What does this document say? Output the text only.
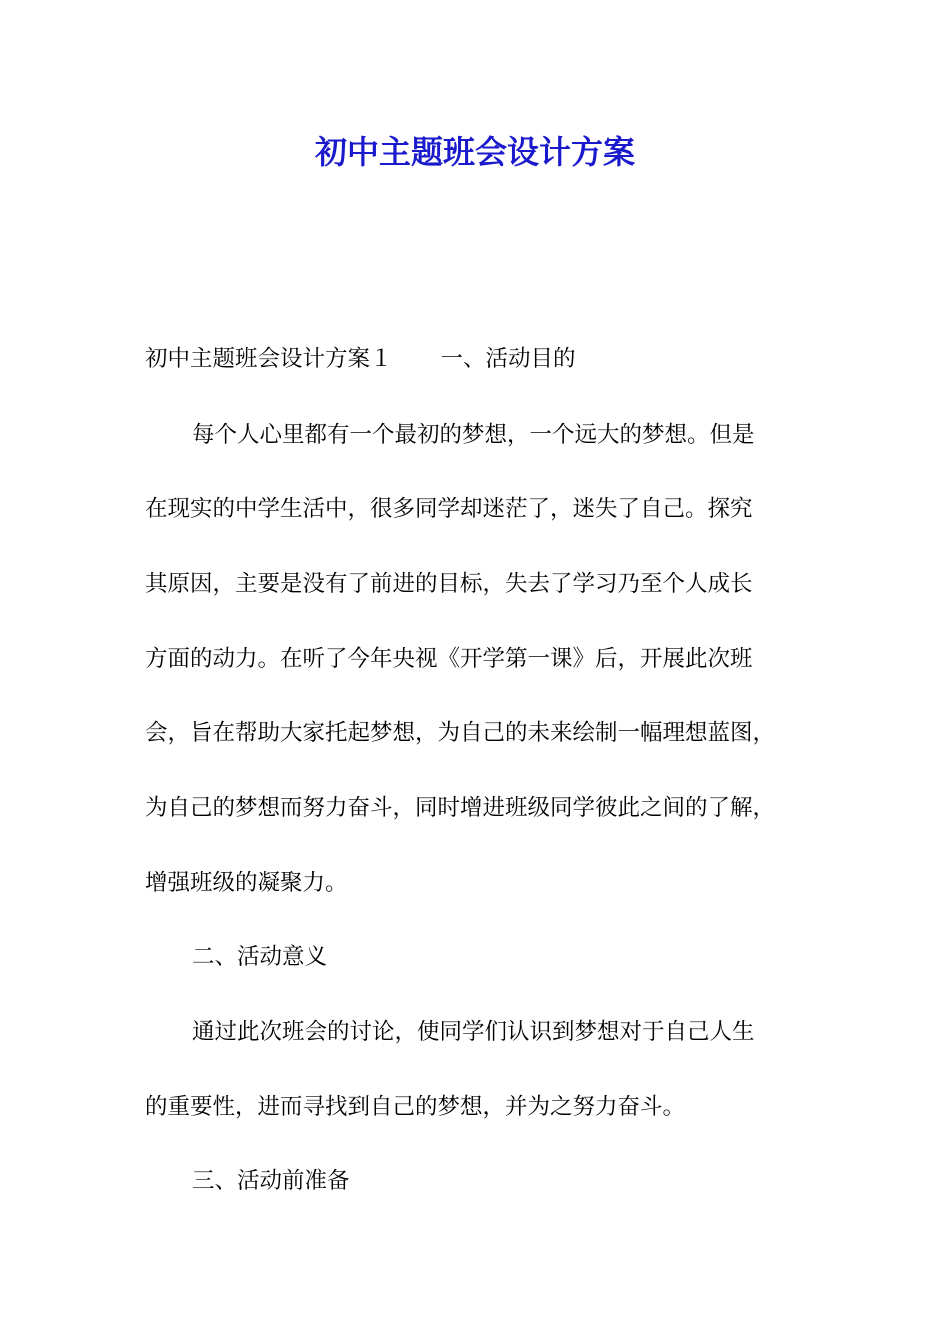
初中主题班会设计方案

初中主题班会设计方案１ 一、活动目的

每个人心里都有一个最初的梦想，一个远大的梦想。但是

在现实的中学生活中，很多同学却迷茫了，迷失了自己。探究

其原因，主要是没有了前进的目标，失去了学习乃至个人成长

方面的动力。在听了今年央视《开学第一课》后，开展此次班

会，旨在帮助大家托起梦想，为自己的未来绘制一幅理想蓝图，

为自己的梦想而努力奋斗，同时增进班级同学彼此之间的了解，

增强班级的凝聚力。

二、活动意义

通过此次班会的讨论，使同学们认识到梦想对于自己人生

的重要性，进而寻找到自己的梦想，并为之努力奋斗。

三、活动前准备
